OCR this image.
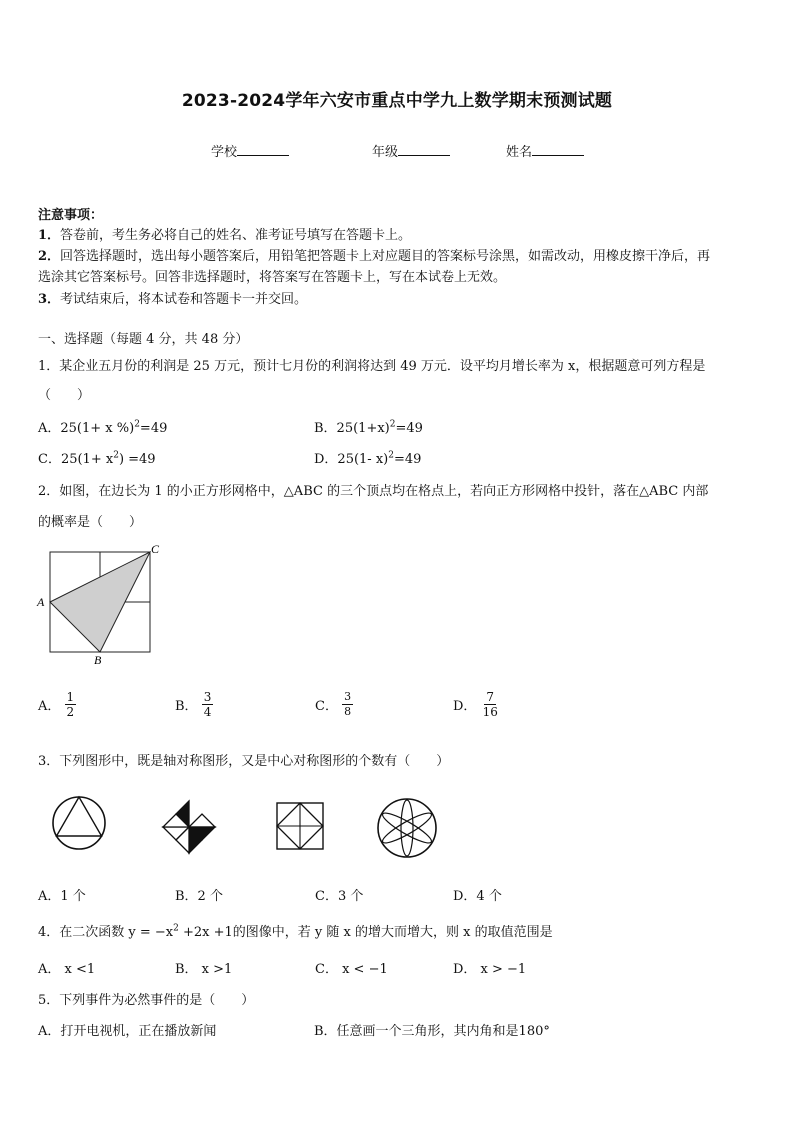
2023-2024学年六安市重点中学九上数学期末预测试题
学校	年级	姓名
注意事项：
1．答卷前，考生务必将自己的姓名、准考证号填写在答题卡上。
2．回答选择题时，选出每小题答案后，用铅笔把答题卡上对应题目的答案标号涂黑，如需改动，用橡皮擦干净后，再
选涂其它答案标号。回答非选择题时，将答案写在答题卡上，写在本试卷上无效。
3．考试结束后，将本试卷和答题卡一并交回。
一、选择题（每题 4 分，共 48 分）
1．某企业五月份的利润是 25 万元，预计七月份的利润将达到 49 万元．设平均月增长率为 x，根据题意可列方程是
（　　）
A．25(1+ x %)$^2$=49	B．$25(1+x)^2=49$
C．$25(1+ x^2) =49$	D．25(1- x)$^2$=49
2．如图，在边长为 1 的小正方形网格中，△ABC 的三个顶点均在格点上，若向正方形网格中投针，落在△ABC 内部
的概率是（　　）
A
B
C
A． $\frac{1}{2}$	B． $\frac{3}{4}$	C． $\frac{3}{8}$	D． $\frac{7}{16}$
3．下列图形中，既是轴对称图形，又是中心对称图形的个数有（　　）
A．1 个	B．2 个	C．3 个	D．4 个
4．在二次函数 $y = -x^2 +2x +1$的图像中，若 y 随 x 的增大而增大，则 x 的取值范围是
A． x <1	B． x >1	C． x < −1	D． x > −1
5．下列事件为必然事件的是（　　）
A．打开电视机，正在播放新闻	B．任意画一个三角形，其内角和是180°
